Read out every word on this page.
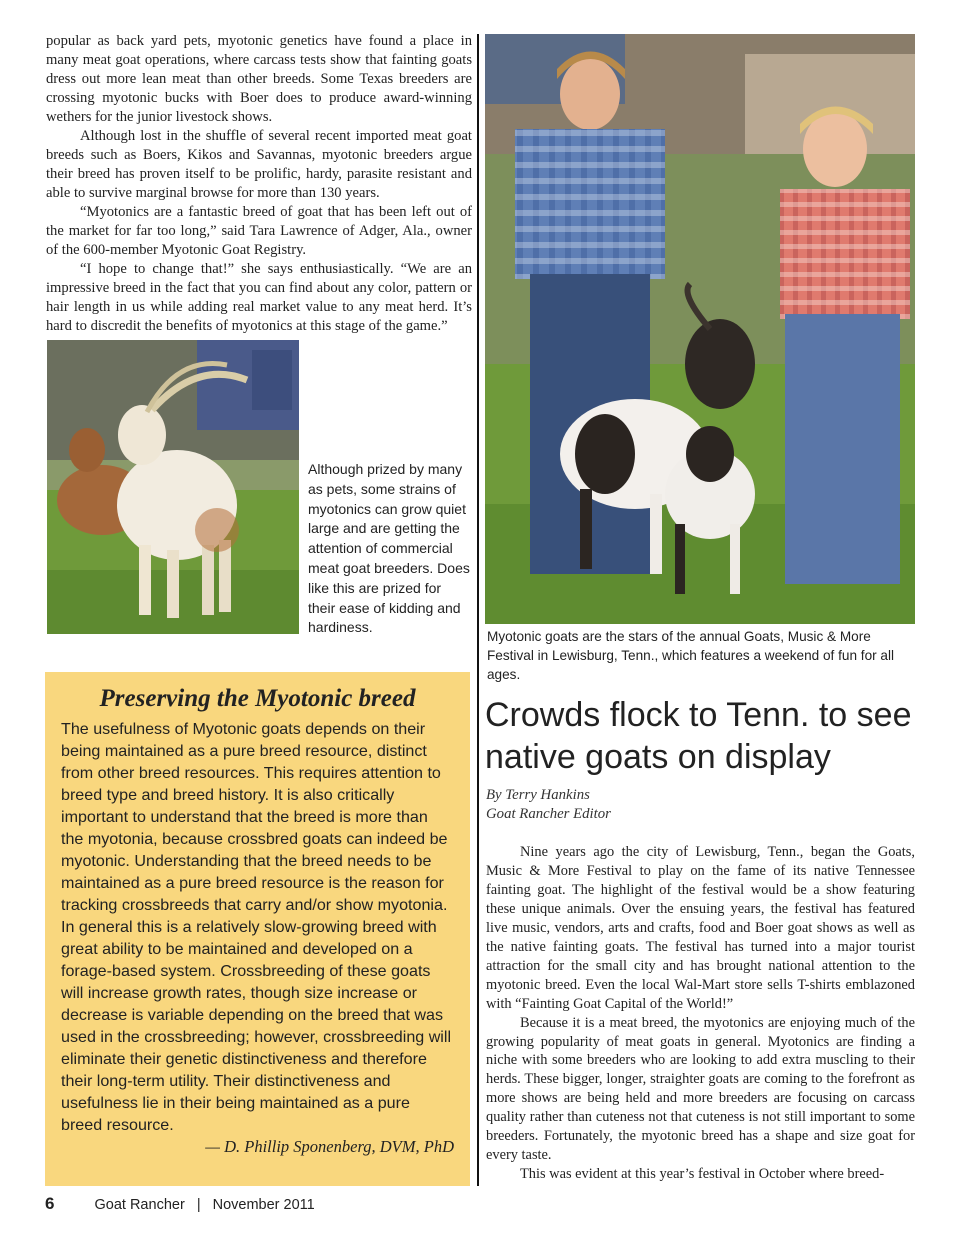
popular as back yard pets, myotonic genetics have found a place in many meat goat operations, where carcass tests show that fainting goats dress out more lean meat than other breeds. Some Texas breeders are crossing myotonic bucks with Boer does to produce award-winning wethers for the junior livestock shows.

Although lost in the shuffle of several recent imported meat goat breeds such as Boers, Kikos and Savannas, myotonic breeders argue their breed has proven itself to be prolific, hardy, parasite resistant and able to survive marginal browse for more than 130 years.

“Myotonics are a fantastic breed of goat that has been left out of the market for far too long,” said Tara Lawrence of Adger, Ala., owner of the 600-member Myotonic Goat Registry.

“I hope to change that!” she says enthusiastically. “We are an impressive breed in the fact that you can find about any color, pattern or hair length in us while adding real market value to any meat herd. It’s hard to discredit the benefits of myotonics at this stage of the game.”

Although prized by many as pets, some strains of myotonics can grow quiet large and are getting the attention of commercial meat goat breeders. Does like this are prized for their ease of kidding and hardiness.
Preserving the Myotonic breed

The usefulness of Myotonic goats depends on their being maintained as a pure breed resource, distinct from other breed resources. This requires attention to breed type and breed history. It is also critically important to understand that the breed is more than the myotonia, because crossbred goats can indeed be myotonic. Understanding that the breed needs to be maintained as a pure breed resource is the reason for tracking crossbreeds that carry and/or show myotonia. In general this is a relatively slow-growing breed with great ability to be maintained and developed on a forage-based system. Crossbreeding of these goats will increase growth rates, though size increase or decrease is variable depending on the breed that was used in the crossbreeding; however, crossbreeding will eliminate their genetic distinctiveness and therefore their long-term utility. Their distinctiveness and usefulness lie in their being maintained as a pure breed resource.

— D. Phillip Sponenberg, DVM, PhD

Myotonic goats are the stars of the annual Goats, Music & More Festival in Lewisburg, Tenn., which features a weekend of fun for all ages.
Crowds flock to Tenn. to see native goats on display
By Terry Hankins
Goat Rancher Editor

Nine years ago the city of Lewisburg, Tenn., began the Goats, Music & More Festival to play on the fame of its native Tennessee fainting goat. The highlight of the festival would be a show featuring these unique animals. Over the ensuing years, the festival has featured live music, vendors, arts and crafts, food and Boer goat shows as well as the native fainting goats. The festival has turned into a major tourist attraction for the small city and has brought national attention to the myotonic breed. Even the local Wal-Mart store sells T-shirts emblazoned with “Fainting Goat Capital of the World!”

Because it is a meat breed, the myotonics are enjoying much of the growing popularity of meat goats in general. Myotonics are finding a niche with some breeders who are looking to add extra muscling to their herds. These bigger, longer, straighter goats are coming to the forefront as more shows are being held and more breeders are focusing on carcass quality rather than cuteness not that cuteness is not still important to some breeders. Fortunately, the myotonic breed has a shape and size goat for every taste.

This was evident at this year’s festival in October where breed-

6	Goat Rancher | November 2011
